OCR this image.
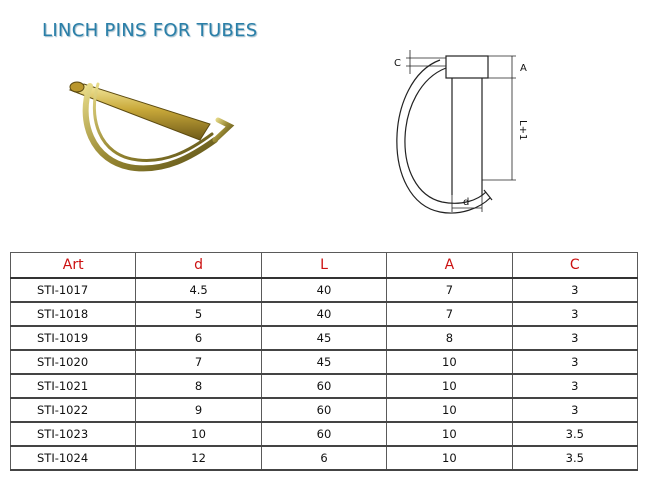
LINCH PINS FOR TUBES
C	A
L+1
d
Art	d	L	A	C
STI-1017	4.5	40	7	3
STI-1018	5	40	7	3
STI-1019	6	45	8	3
STI-1020	7	45	10	3
STI-1021	8	60	10	3
STI-1022	9	60	10	3
STI-1023	10	60	10	3.5
STI-1024	12	6	10	3.5
